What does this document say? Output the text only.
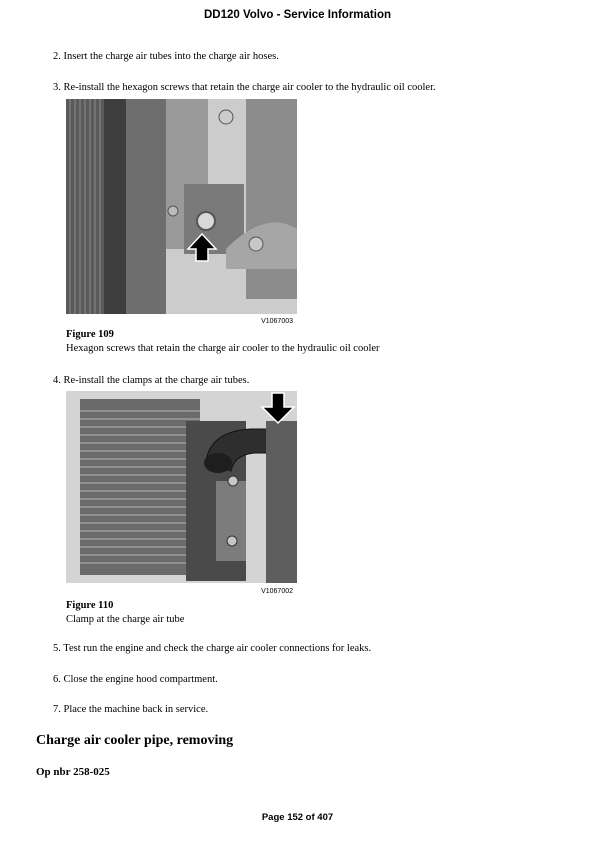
DD120 Volvo - Service Information
2. Insert the charge air tubes into the charge air hoses.
3. Re-install the hexagon screws that retain the charge air cooler to the hydraulic oil cooler.
V1067003
Figure 109
Hexagon screws that retain the charge air cooler to the hydraulic oil cooler
4. Re-install the clamps at the charge air tubes.
V1067002
Figure 110
Clamp at the charge air tube
5. Test run the engine and check the charge air cooler connections for leaks.
6. Close the engine hood compartment.
7. Place the machine back in service.
Charge air cooler pipe, removing
Op nbr 258-025
Page 152 of 407
